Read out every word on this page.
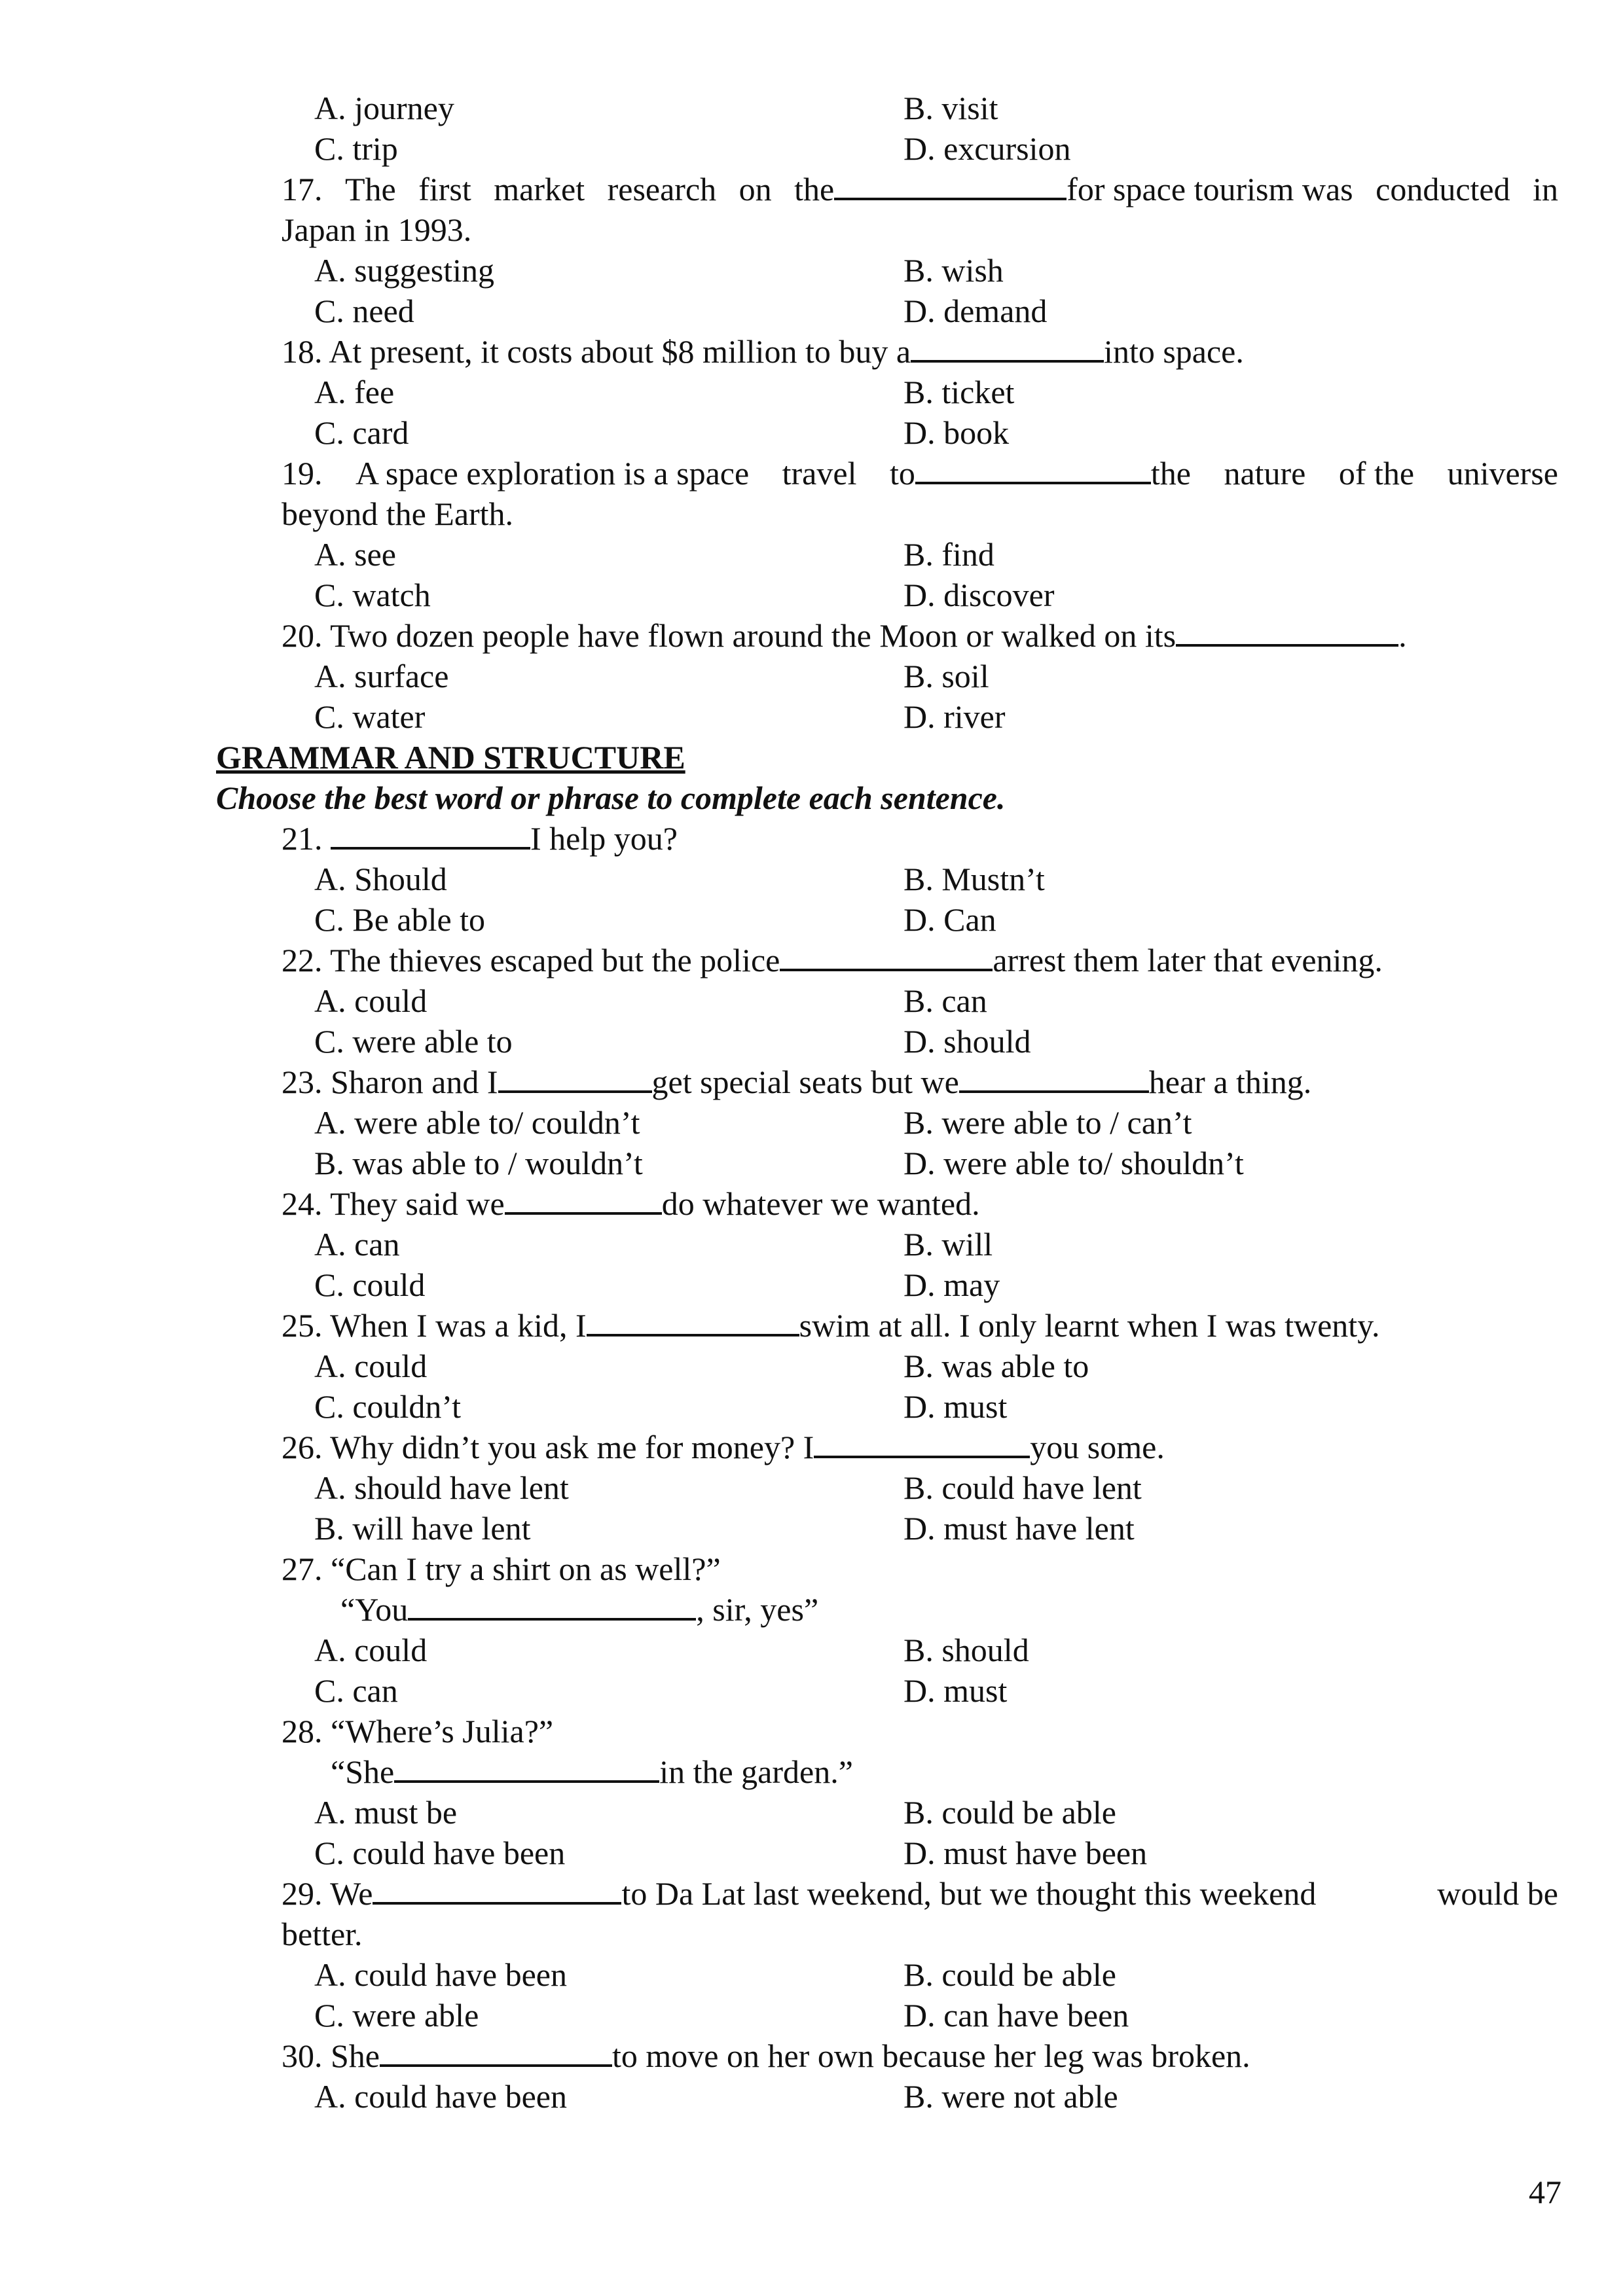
A. journey	B. visit
C. trip	D. excursion
17. The first market research on the	for space tourism was conducted in
Japan in 1993.
A. suggesting	B. wish
C. need	D. demand
18. At present, it costs about $8 million to buy a	into space.
A. fee	B. ticket
C. card	D. book
19. A space exploration is a space travel to	the nature of the universe
beyond the Earth.
A. see	B. find
C. watch	D. discover
20. Two dozen people have flown around the Moon or walked on its	.
A. surface	B. soil
C. water	D. river
GRAMMAR AND STRUCTURE
Choose the best word or phrase to complete each sentence.
21.	I help you?
A. Should	B. Mustn’t
C. Be able to	D. Can
22. The thieves escaped but the police	arrest them later that evening.
A. could	B. can
C. were able to	D. should
23. Sharon and I	get special seats but we	hear a thing.
A. were able to/ couldn’t	B. were able to / can’t
B. was able to / wouldn’t	D. were able to/ shouldn’t
24. They said we	do whatever we wanted.
A. can	B. will
C. could	D. may
25. When I was a kid, I	swim at all. I only learnt when I was twenty.
A. could	B. was able to
C. couldn’t	D. must
26. Why didn’t you ask me for money? I	you some.
A. should have lent	B. could have lent
B. will have lent	D. must have lent
27. “Can I try a shirt on as well?”
“You	, sir, yes”
A. could	B. should
C. can	D. must
28. “Where’s Julia?”
“She	in the garden.”
A. must be	B. could be able
C. could have been	D. must have been
29. We	to Da Lat last weekend, but we thought this weekend	would be
better.
A. could have been	B. could be able
C. were able	D. can have been
30. She	to move on her own because her leg was broken.
A. could have been	B. were not able
47
